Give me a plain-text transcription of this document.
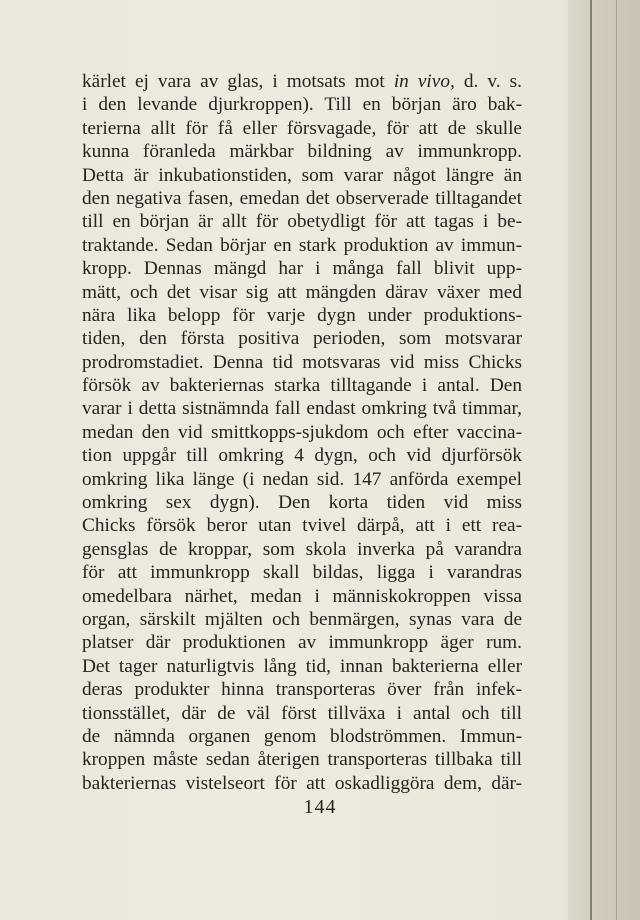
kärlet ej vara av glas, i motsats mot in vivo, d. v. s.
i den levande djurkroppen). Till en början äro bak-
terierna allt för få eller försvagade, för att de skulle
kunna föranleda märkbar bildning av immunkropp.
Detta är inkubationstiden, som varar något längre än
den negativa fasen, emedan det observerade tilltagandet
till en början är allt för obetydligt för att tagas i be-
traktande. Sedan börjar en stark produktion av immun-
kropp. Dennas mängd har i många fall blivit upp-
mätt, och det visar sig att mängden därav växer med
nära lika belopp för varje dygn under produktions-
tiden, den första positiva perioden, som motsvarar
prodromstadiet. Denna tid motsvaras vid miss Chicks
försök av bakteriernas starka tilltagande i antal. Den
varar i detta sistnämnda fall endast omkring två timmar,
medan den vid smittkopps-sjukdom och efter vaccina-
tion uppgår till omkring 4 dygn, och vid djurförsök
omkring lika länge (i nedan sid. 147 anförda exempel
omkring sex dygn). Den korta tiden vid miss
Chicks försök beror utan tvivel därpå, att i ett rea-
gensglas de kroppar, som skola inverka på varandra
för att immunkropp skall bildas, ligga i varandras
omedelbara närhet, medan i människokroppen vissa
organ, särskilt mjälten och benmärgen, synas vara de
platser där produktionen av immunkropp äger rum.
Det tager naturligtvis lång tid, innan bakterierna eller
deras produkter hinna transporteras över från infek-
tionsstället, där de väl först tillväxa i antal och till
de nämnda organen genom blodströmmen. Immun-
kroppen måste sedan återigen transporteras tillbaka till
bakteriernas vistelseort för att oskadliggöra dem, där-
144
